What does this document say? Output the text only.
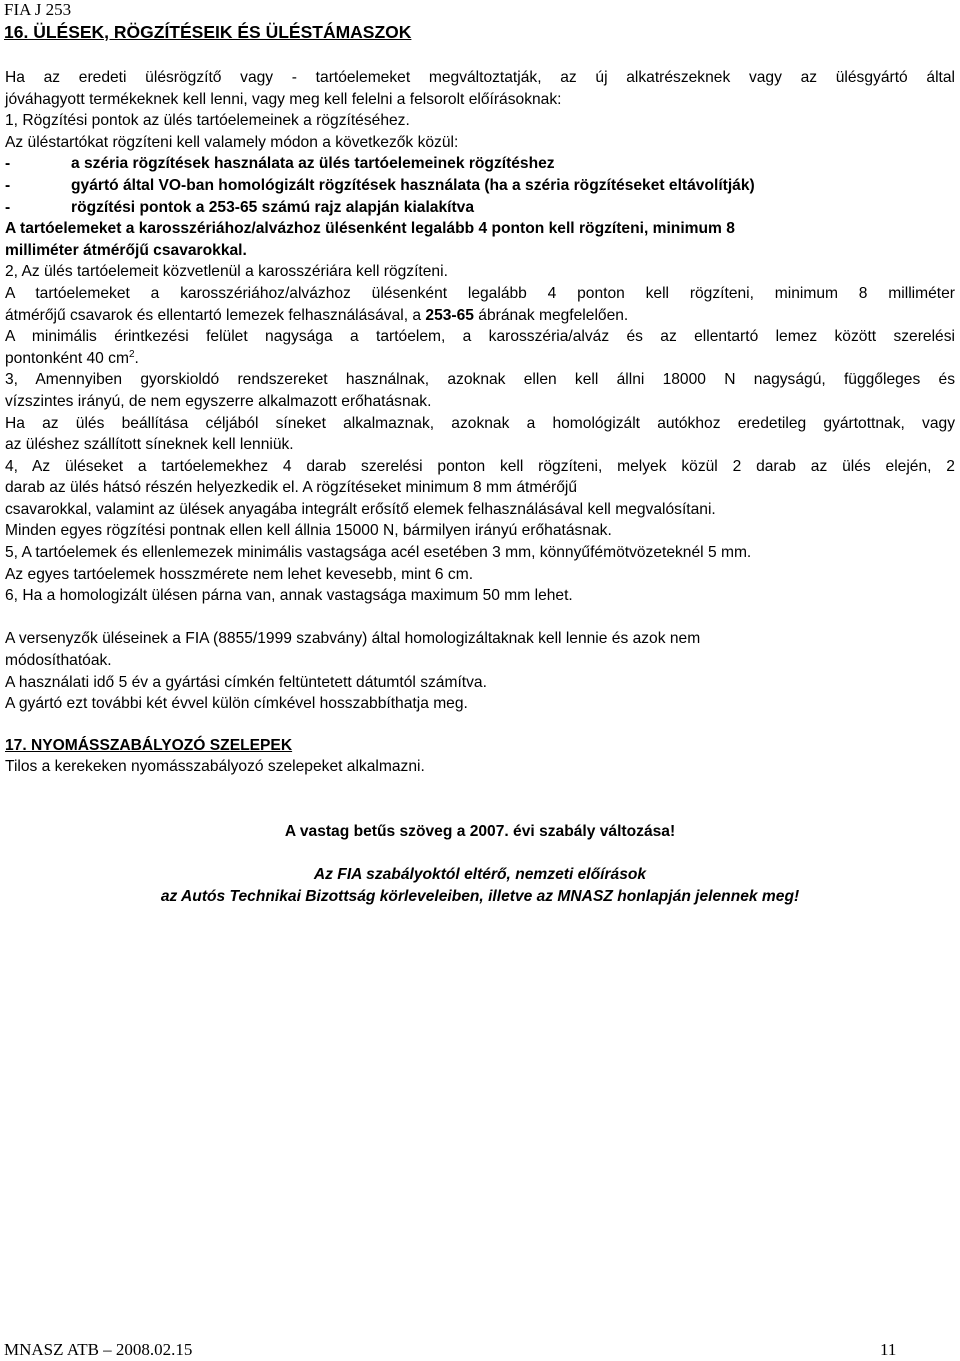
FIA J 253
16. ÜLÉSEK, RÖGZÍTÉSEIK ÉS ÜLÉSTÁMASZOK
Ha az eredeti ülésrögzítő vagy - tartóelemeket megváltoztatják, az új alkatrészeknek vagy az ülésgyártó által
jóváhagyott termékeknek kell lenni, vagy meg kell felelni a felsorolt előírásoknak:
1, Rögzítési pontok az ülés tartóelemeinek a rögzítéséhez.
Az üléstartókat rögzíteni kell valamely módon a következők közül:
-	a széria rögzítések használata az ülés tartóelemeinek rögzítéshez
-	gyártó által VO-ban homológizált rögzítések használata (ha a széria rögzítéseket eltávolítják)
-	rögzítési pontok a 253-65 számú rajz alapján kialakítva
A tartóelemeket a karosszériához/alvázhoz ülésenként legalább 4 ponton kell rögzíteni, minimum 8
milliméter átmérőjű csavarokkal.
2, Az ülés tartóelemeit közvetlenül a karosszériára kell rögzíteni.
A tartóelemeket a karosszériához/alvázhoz ülésenként legalább 4 ponton kell rögzíteni, minimum 8 milliméter
átmérőjű csavarok és ellentartó lemezek felhasználásával, a 253-65 ábrának megfelelően.
A minimális érintkezési felület nagysága a tartóelem, a karosszéria/alváz és az ellentartó lemez között szerelési
pontonként 40 $cm^2$.
3, Amennyiben gyorskioldó rendszereket használnak, azoknak ellen kell állni 18000 N nagyságú, függőleges és
vízszintes irányú, de nem egyszerre alkalmazott erőhatásnak.
Ha az ülés beállítása céljából síneket alkalmaznak, azoknak a homológizált autókhoz eredetileg gyártottnak, vagy
az üléshez szállított síneknek kell lenniük.
4, Az üléseket a tartóelemekhez 4 darab szerelési ponton kell rögzíteni, melyek közül 2 darab az ülés elején, 2
darab az ülés hátsó részén helyezkedik el. A rögzítéseket minimum 8 mm átmérőjű
csavarokkal, valamint az ülések anyagába integrált erősítő elemek felhasználásával kell megvalósítani.
Minden egyes rögzítési pontnak ellen kell állnia 15000 N, bármilyen irányú erőhatásnak.
5, A tartóelemek és ellenlemezek minimális vastagsága acél esetében 3 mm, könnyűfémötvözeteknél 5 mm.
Az egyes tartóelemek hosszmérete nem lehet kevesebb, mint 6 cm.
6, Ha a homologizált ülésen párna van, annak vastagsága maximum 50 mm lehet.
A versenyzők üléseinek a FIA (8855/1999 szabvány) által homologizáltaknak kell lennie és azok nem
módosíthatóak.
A használati idő 5 év a gyártási címkén feltüntetett dátumtól számítva.
A gyártó ezt további két évvel külön címkével hosszabbíthatja meg.
17. NYOMÁSSZABÁLYOZÓ SZELEPEK
Tilos a kerekeken nyomásszabályozó szelepeket alkalmazni.
A vastag betűs szöveg a 2007. évi szabály változása!
Az FIA szabályoktól eltérő, nemzeti előírások
az Autós Technikai Bizottság körleveleiben, illetve az MNASZ honlapján jelennek meg!
MNASZ ATB – 2008.02.15	11
